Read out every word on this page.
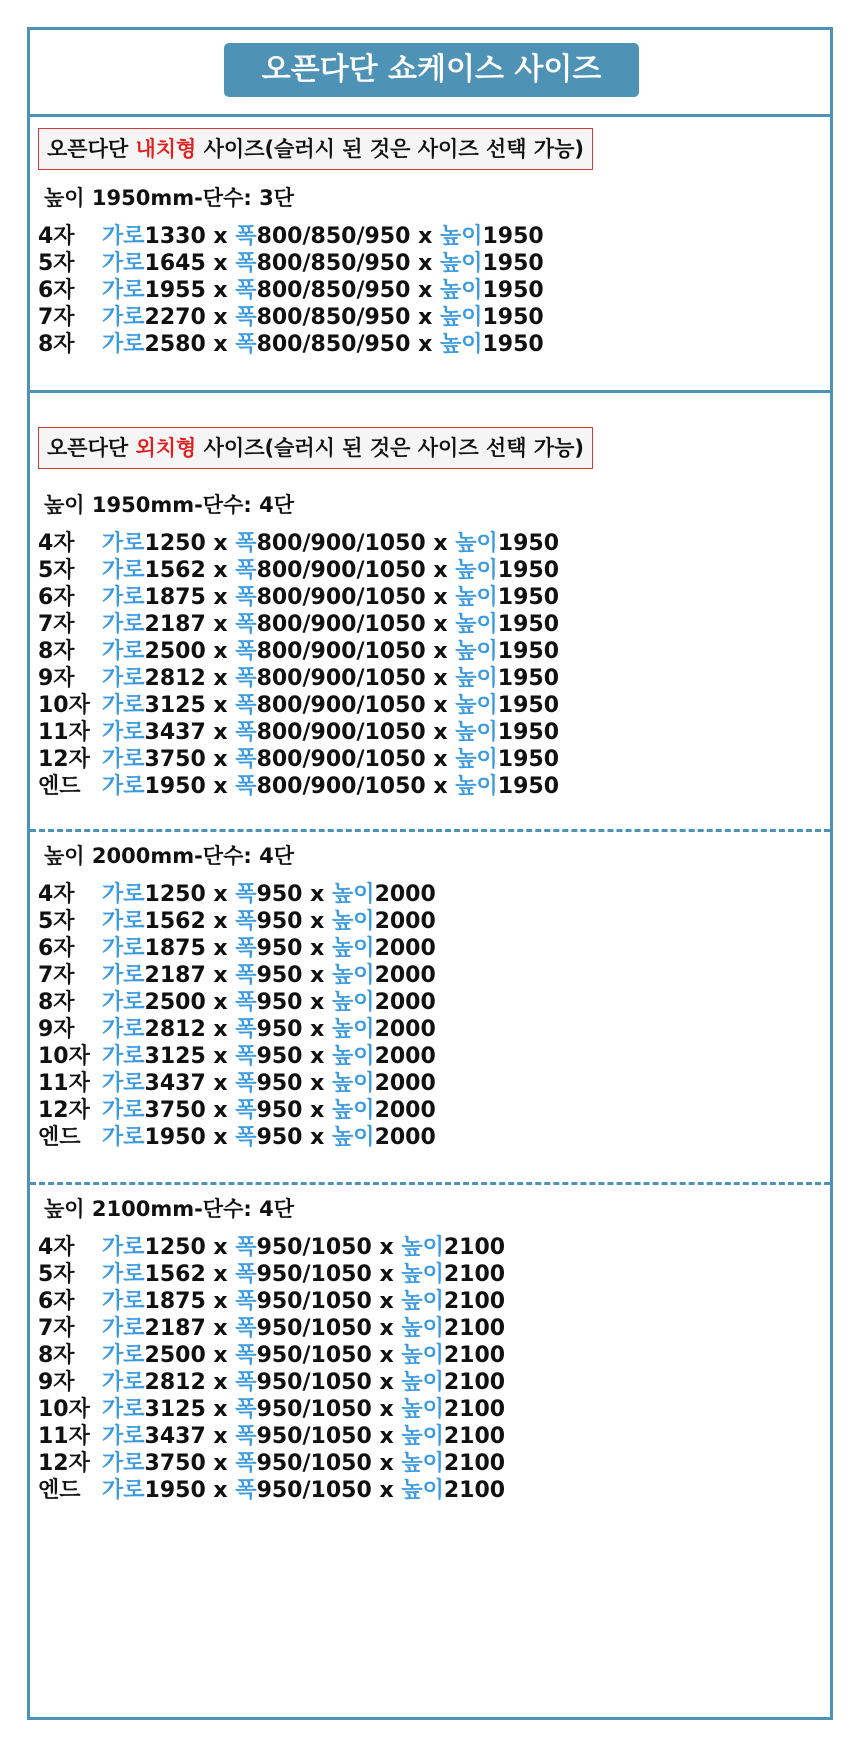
오픈다단 쇼케이스 사이즈
오픈다단 내치형 사이즈(슬러시 된 것은 사이즈 선택 가능)
높이 1950mm-단수: 3단
4자 가로1330 x 폭800/850/950 x 높이1950
5자 가로1645 x 폭800/850/950 x 높이1950
6자 가로1955 x 폭800/850/950 x 높이1950
7자 가로2270 x 폭800/850/950 x 높이1950
8자 가로2580 x 폭800/850/950 x 높이1950
오픈다단 외치형 사이즈(슬러시 된 것은 사이즈 선택 가능)
높이 1950mm-단수: 4단
4자 가로1250 x 폭800/900/1050 x 높이1950
5자 가로1562 x 폭800/900/1050 x 높이1950
6자 가로1875 x 폭800/900/1050 x 높이1950
7자 가로2187 x 폭800/900/1050 x 높이1950
8자 가로2500 x 폭800/900/1050 x 높이1950
9자 가로2812 x 폭800/900/1050 x 높이1950
10자 가로3125 x 폭800/900/1050 x 높이1950
11자 가로3437 x 폭800/900/1050 x 높이1950
12자 가로3750 x 폭800/900/1050 x 높이1950
엔드 가로1950 x 폭800/900/1050 x 높이1950
높이 2000mm-단수: 4단
4자 가로1250 x 폭950 x 높이2000
5자 가로1562 x 폭950 x 높이2000
6자 가로1875 x 폭950 x 높이2000
7자 가로2187 x 폭950 x 높이2000
8자 가로2500 x 폭950 x 높이2000
9자 가로2812 x 폭950 x 높이2000
10자 가로3125 x 폭950 x 높이2000
11자 가로3437 x 폭950 x 높이2000
12자 가로3750 x 폭950 x 높이2000
엔드 가로1950 x 폭950 x 높이2000
높이 2100mm-단수: 4단
4자 가로1250 x 폭950/1050 x 높이2100
5자 가로1562 x 폭950/1050 x 높이2100
6자 가로1875 x 폭950/1050 x 높이2100
7자 가로2187 x 폭950/1050 x 높이2100
8자 가로2500 x 폭950/1050 x 높이2100
9자 가로2812 x 폭950/1050 x 높이2100
10자 가로3125 x 폭950/1050 x 높이2100
11자 가로3437 x 폭950/1050 x 높이2100
12자 가로3750 x 폭950/1050 x 높이2100
엔드 가로1950 x 폭950/1050 x 높이2100
